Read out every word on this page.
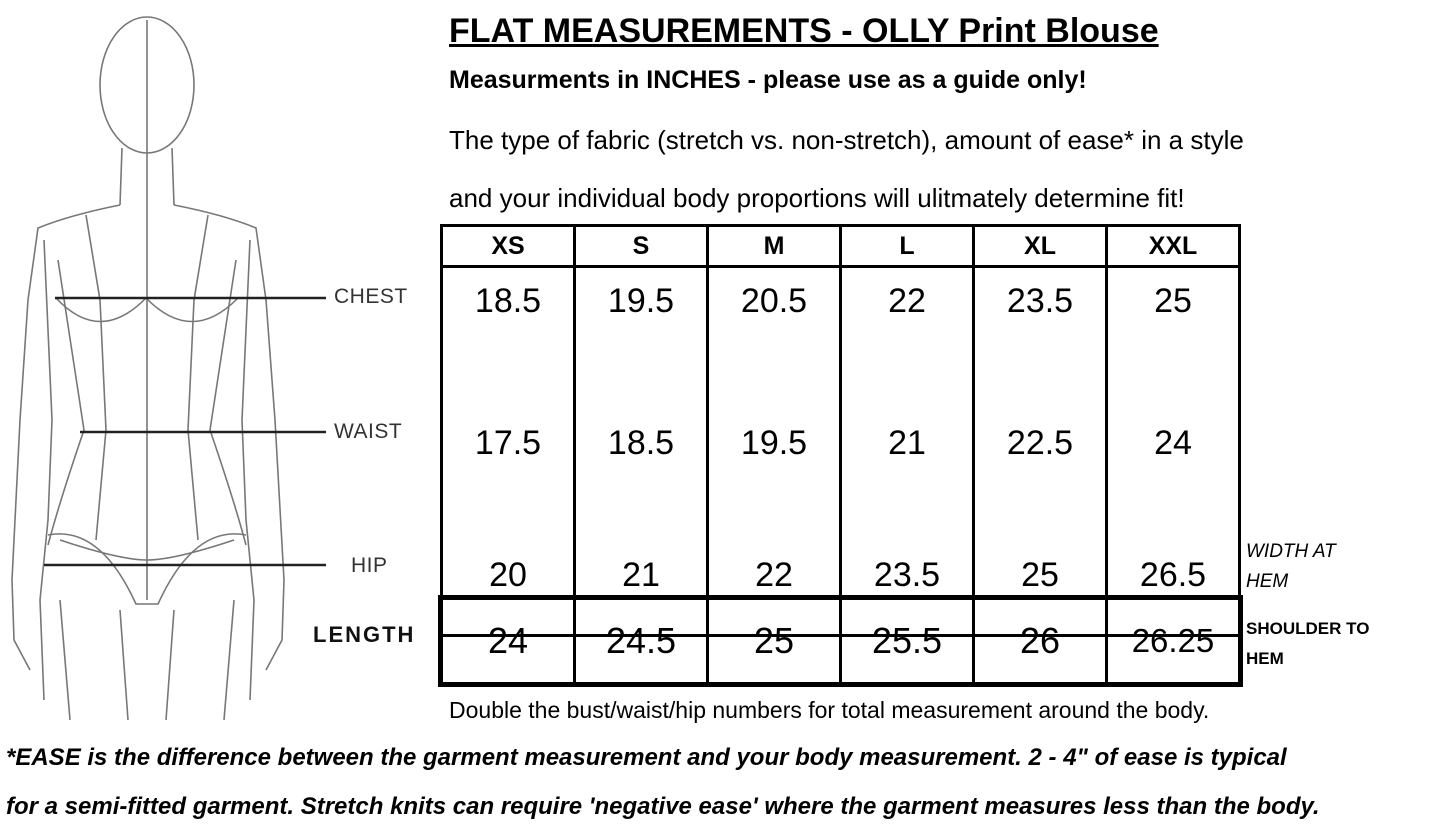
CHEST
WAIST
HIP
LENGTH
FLAT MEASUREMENTS - OLLY Print Blouse
Measurments in INCHES - please use as a guide only!
The type of fabric (stretch vs. non-stretch), amount of ease* in a style
and your individual body proportions will ulitmately determine fit!
XS	S	M	L	XL	XXL
18.5	19.5	20.5	22	23.5	25
17.5	18.5	19.5	21	22.5	24
20	21	22	23.5	25	26.5
24	24.5	25	25.5	26	26.25
WIDTH AT
HEM
SHOULDER TO
HEM
Double the bust/waist/hip numbers for total measurement around the body.
*EASE is the difference between the garment measurement and your body measurement. 2 - 4" of ease is typical
for a semi-fitted garment. Stretch knits can require 'negative ease' where the garment measures less than the body.
